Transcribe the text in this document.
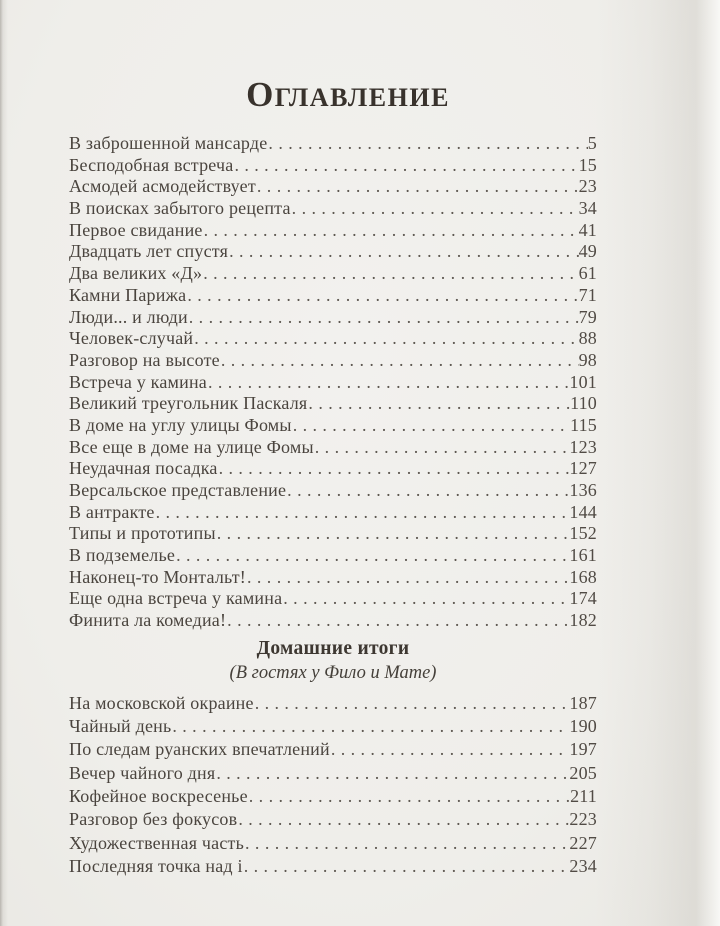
ОГЛАВЛЕНИЕ
В заброшенной мансарде .....	5
Бесподобная встреча .....	15
Асмодей асмодействует .....	23
В поисках забытого рецепта .....	34
Первое свидание .....	41
Двадцать лет спустя .....	49
Два великих «Д» .....	61
Камни Парижа .....	71
Люди... и люди .....	79
Человек-случай .....	88
Разговор на высоте .....	98
Встреча у камина .....	101
Великий треугольник Паскаля .....	110
В доме на углу улицы Фомы .....	115
Все еще в доме на улице Фомы .....	123
Неудачная посадка .....	127
Версальское представление .....	136
В антракте .....	144
Типы и прототипы .....	152
В подземелье .....	161
Наконец-то Монтальт! .....	168
Еще одна встреча у камина .....	174
Финита ла комедиа! .....	182
Домашние итоги
(В гостях у Фило и Мате)
На московской окраине .....	187
Чайный день .....	190
По следам руанских впечатлений .....	197
Вечер чайного дня .....	205
Кофейное воскресенье .....	211
Разговор без фокусов .....	223
Художественная часть .....	227
Последняя точка над i .....	234
